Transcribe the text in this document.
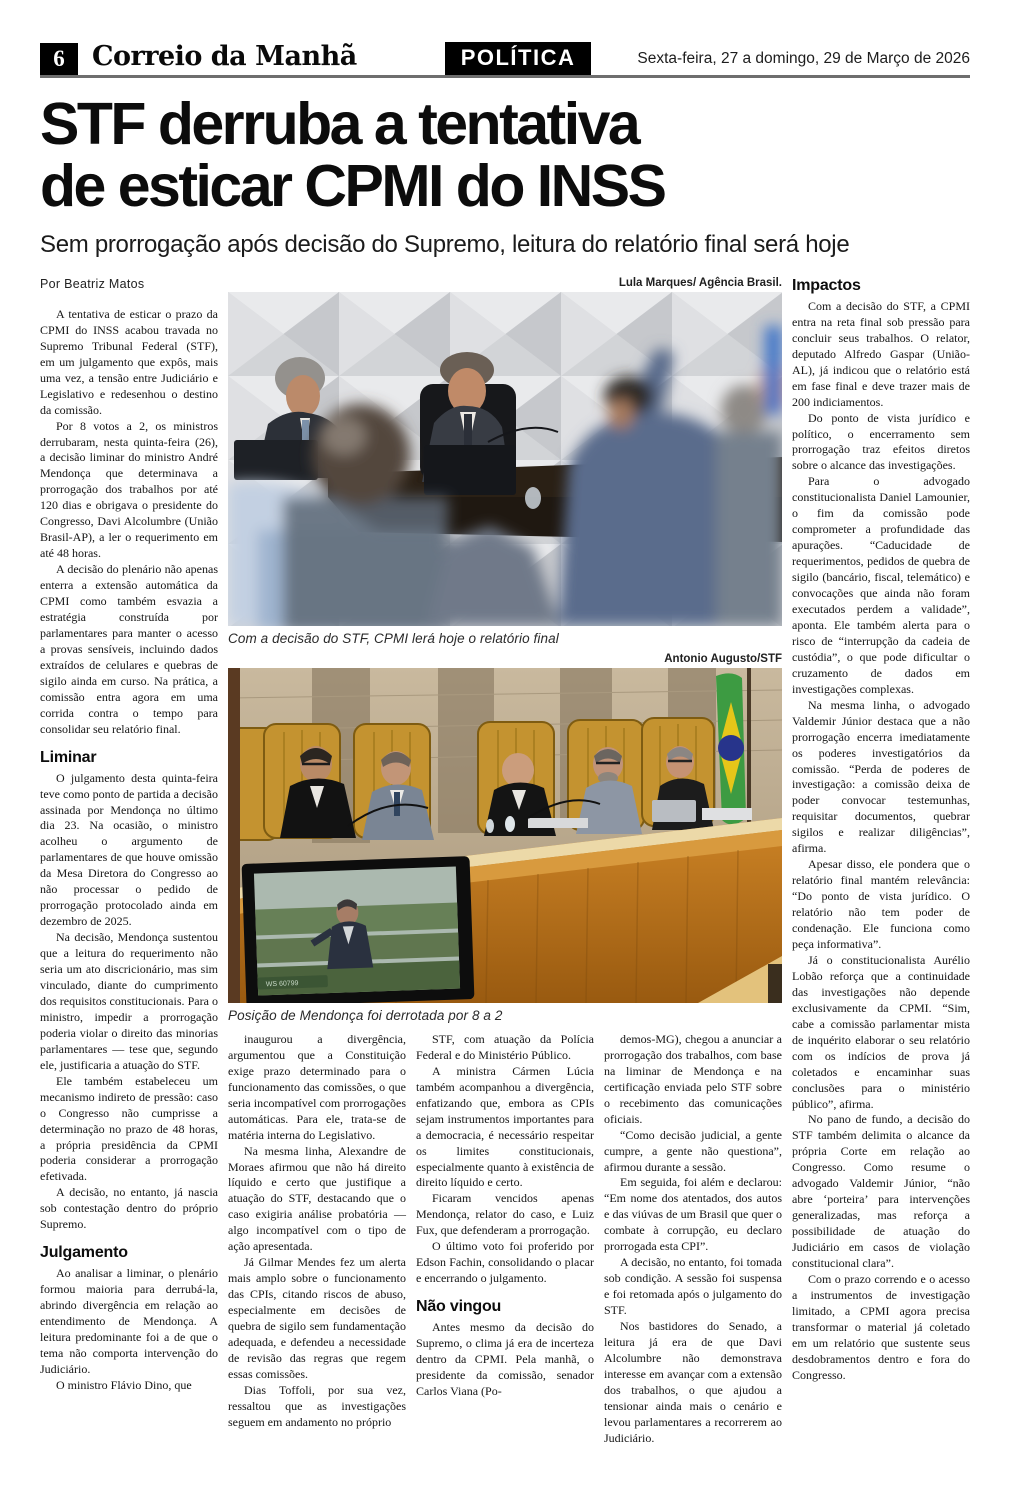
6	Correio da Manhã	POLÍTICA	Sexta-feira, 27 a domingo, 29 de Março de 2026
STF derruba a tentativa
de esticar CPMI do INSS
Sem prorrogação após decisão do Supremo, leitura do relatório final será hoje
Por Beatriz Matos

A tentativa de esticar o prazo da CPMI do INSS acabou travada no Supremo Tribunal Federal (STF), em um julgamento que expôs, mais uma vez, a tensão entre Judiciário e Legislativo e redesenhou o destino da comissão.

Por 8 votos a 2, os ministros derrubaram, nesta quinta-feira (26), a decisão liminar do ministro André Mendonça que determinava a prorrogação dos trabalhos por até 120 dias e obrigava o presidente do Congresso, Davi Alcolumbre (União Brasil-AP), a ler o requerimento em até 48 horas.

A decisão do plenário não apenas enterra a extensão automática da CPMI como também esvazia a estratégia construída por parlamentares para manter o acesso a provas sensíveis, incluindo dados extraídos de celulares e quebras de sigilo ainda em curso. Na prática, a comissão entra agora em uma corrida contra o tempo para consolidar seu relatório final.

Liminar

O julgamento desta quinta-feira teve como ponto de partida a decisão assinada por Mendonça no último dia 23. Na ocasião, o ministro acolheu o argumento de parlamentares de que houve omissão da Mesa Diretora do Congresso ao não processar o pedido de prorrogação protocolado ainda em dezembro de 2025.

Na decisão, Mendonça sustentou que a leitura do requerimento não seria um ato discricionário, mas sim vinculado, diante do cumprimento dos requisitos constitucionais. Para o ministro, impedir a prorrogação poderia violar o direito das minorias parlamentares — tese que, segundo ele, justificaria a atuação do STF.

Ele também estabeleceu um mecanismo indireto de pressão: caso o Congresso não cumprisse a determinação no prazo de 48 horas, a própria presidência da CPMI poderia considerar a prorrogação efetivada.

A decisão, no entanto, já nascia sob contestação dentro do próprio Supremo.

Julgamento

Ao analisar a liminar, o plenário formou maioria para derrubá-la, abrindo divergência em relação ao entendimento de Mendonça. A leitura predominante foi a de que o tema não comporta intervenção do Judiciário.

O ministro Flávio Dino, que

Lula Marques/ Agência Brasil.
Com a decisão do STF, CPMI lerá hoje o relatório final
Antonio Augusto/STF
WS 60799
Posição de Mendonça foi derrotada por 8 a 2

inaugurou a divergência, argumentou que a Constituição exige prazo determinado para o funcionamento das comissões, o que seria incompatível com prorrogações automáticas. Para ele, trata-se de matéria interna do Legislativo.

Na mesma linha, Alexandre de Moraes afirmou que não há direito líquido e certo que justifique a atuação do STF, destacando que o caso exigiria análise probatória — algo incompatível com o tipo de ação apresentada.

Já Gilmar Mendes fez um alerta mais amplo sobre o funcionamento das CPIs, citando riscos de abuso, especialmente em decisões de quebra de sigilo sem fundamentação adequada, e defendeu a necessidade de revisão das regras que regem essas comissões.

Dias Toffoli, por sua vez, ressaltou que as investigações seguem em andamento no próprio

STF, com atuação da Polícia Federal e do Ministério Público.

A ministra Cármen Lúcia também acompanhou a divergência, enfatizando que, embora as CPIs sejam instrumentos importantes para a democracia, é necessário respeitar os limites constitucionais, especialmente quanto à existência de direito líquido e certo.

Ficaram vencidos apenas Mendonça, relator do caso, e Luiz Fux, que defenderam a prorrogação.

O último voto foi proferido por Edson Fachin, consolidando o placar e encerrando o julgamento.

Não vingou

Antes mesmo da decisão do Supremo, o clima já era de incerteza dentro da CPMI. Pela manhã, o presidente da comissão, senador Carlos Viana (Po-

demos-MG), chegou a anunciar a prorrogação dos trabalhos, com base na liminar de Mendonça e na certificação enviada pelo STF sobre o recebimento das comunicações oficiais.

“Como decisão judicial, a gente cumpre, a gente não questiona”, afirmou durante a sessão.

Em seguida, foi além e declarou: “Em nome dos atentados, dos autos e das viúvas de um Brasil que quer o combate à corrupção, eu declaro prorrogada esta CPI”.

A decisão, no entanto, foi tomada sob condição. A sessão foi suspensa e foi retomada após o julgamento do STF.

Nos bastidores do Senado, a leitura já era de que Davi Alcolumbre não demonstrava interesse em avançar com a extensão dos trabalhos, o que ajudou a tensionar ainda mais o cenário e levou parlamentares a recorrerem ao Judiciário.

Impactos

Com a decisão do STF, a CPMI entra na reta final sob pressão para concluir seus trabalhos. O relator, deputado Alfredo Gaspar (União-AL), já indicou que o relatório está em fase final e deve trazer mais de 200 indiciamentos.

Do ponto de vista jurídico e político, o encerramento sem prorrogação traz efeitos diretos sobre o alcance das investigações.

Para o advogado constitucionalista Daniel Lamounier, o fim da comissão pode comprometer a profundidade das apurações. “Caducidade de requerimentos, pedidos de quebra de sigilo (bancário, fiscal, telemático) e convocações que ainda não foram executados perdem a validade”, aponta. Ele também alerta para o risco de “interrupção da cadeia de custódia”, o que pode dificultar o cruzamento de dados em investigações complexas.

Na mesma linha, o advogado Valdemir Júnior destaca que a não prorrogação encerra imediatamente os poderes investigatórios da comissão. “Perda de poderes de investigação: a comissão deixa de poder convocar testemunhas, requisitar documentos, quebrar sigilos e realizar diligências”, afirma.

Apesar disso, ele pondera que o relatório final mantém relevância: “Do ponto de vista jurídico. O relatório não tem poder de condenação. Ele funciona como peça informativa”.

Já o constitucionalista Aurélio Lobão reforça que a continuidade das investigações não depende exclusivamente da CPMI. “Sim, cabe a comissão parlamentar mista de inquérito elaborar o seu relatório com os indícios de prova já coletados e encaminhar suas conclusões para o ministério público”, afirma.

No pano de fundo, a decisão do STF também delimita o alcance da própria Corte em relação ao Congresso. Como resume o advogado Valdemir Júnior, “não abre ‘porteira’ para intervenções generalizadas, mas reforça a possibilidade de atuação do Judiciário em casos de violação constitucional clara”.

Com o prazo correndo e o acesso a instrumentos de investigação limitado, a CPMI agora precisa transformar o material já coletado em um relatório que sustente seus desdobramentos dentro e fora do Congresso.
